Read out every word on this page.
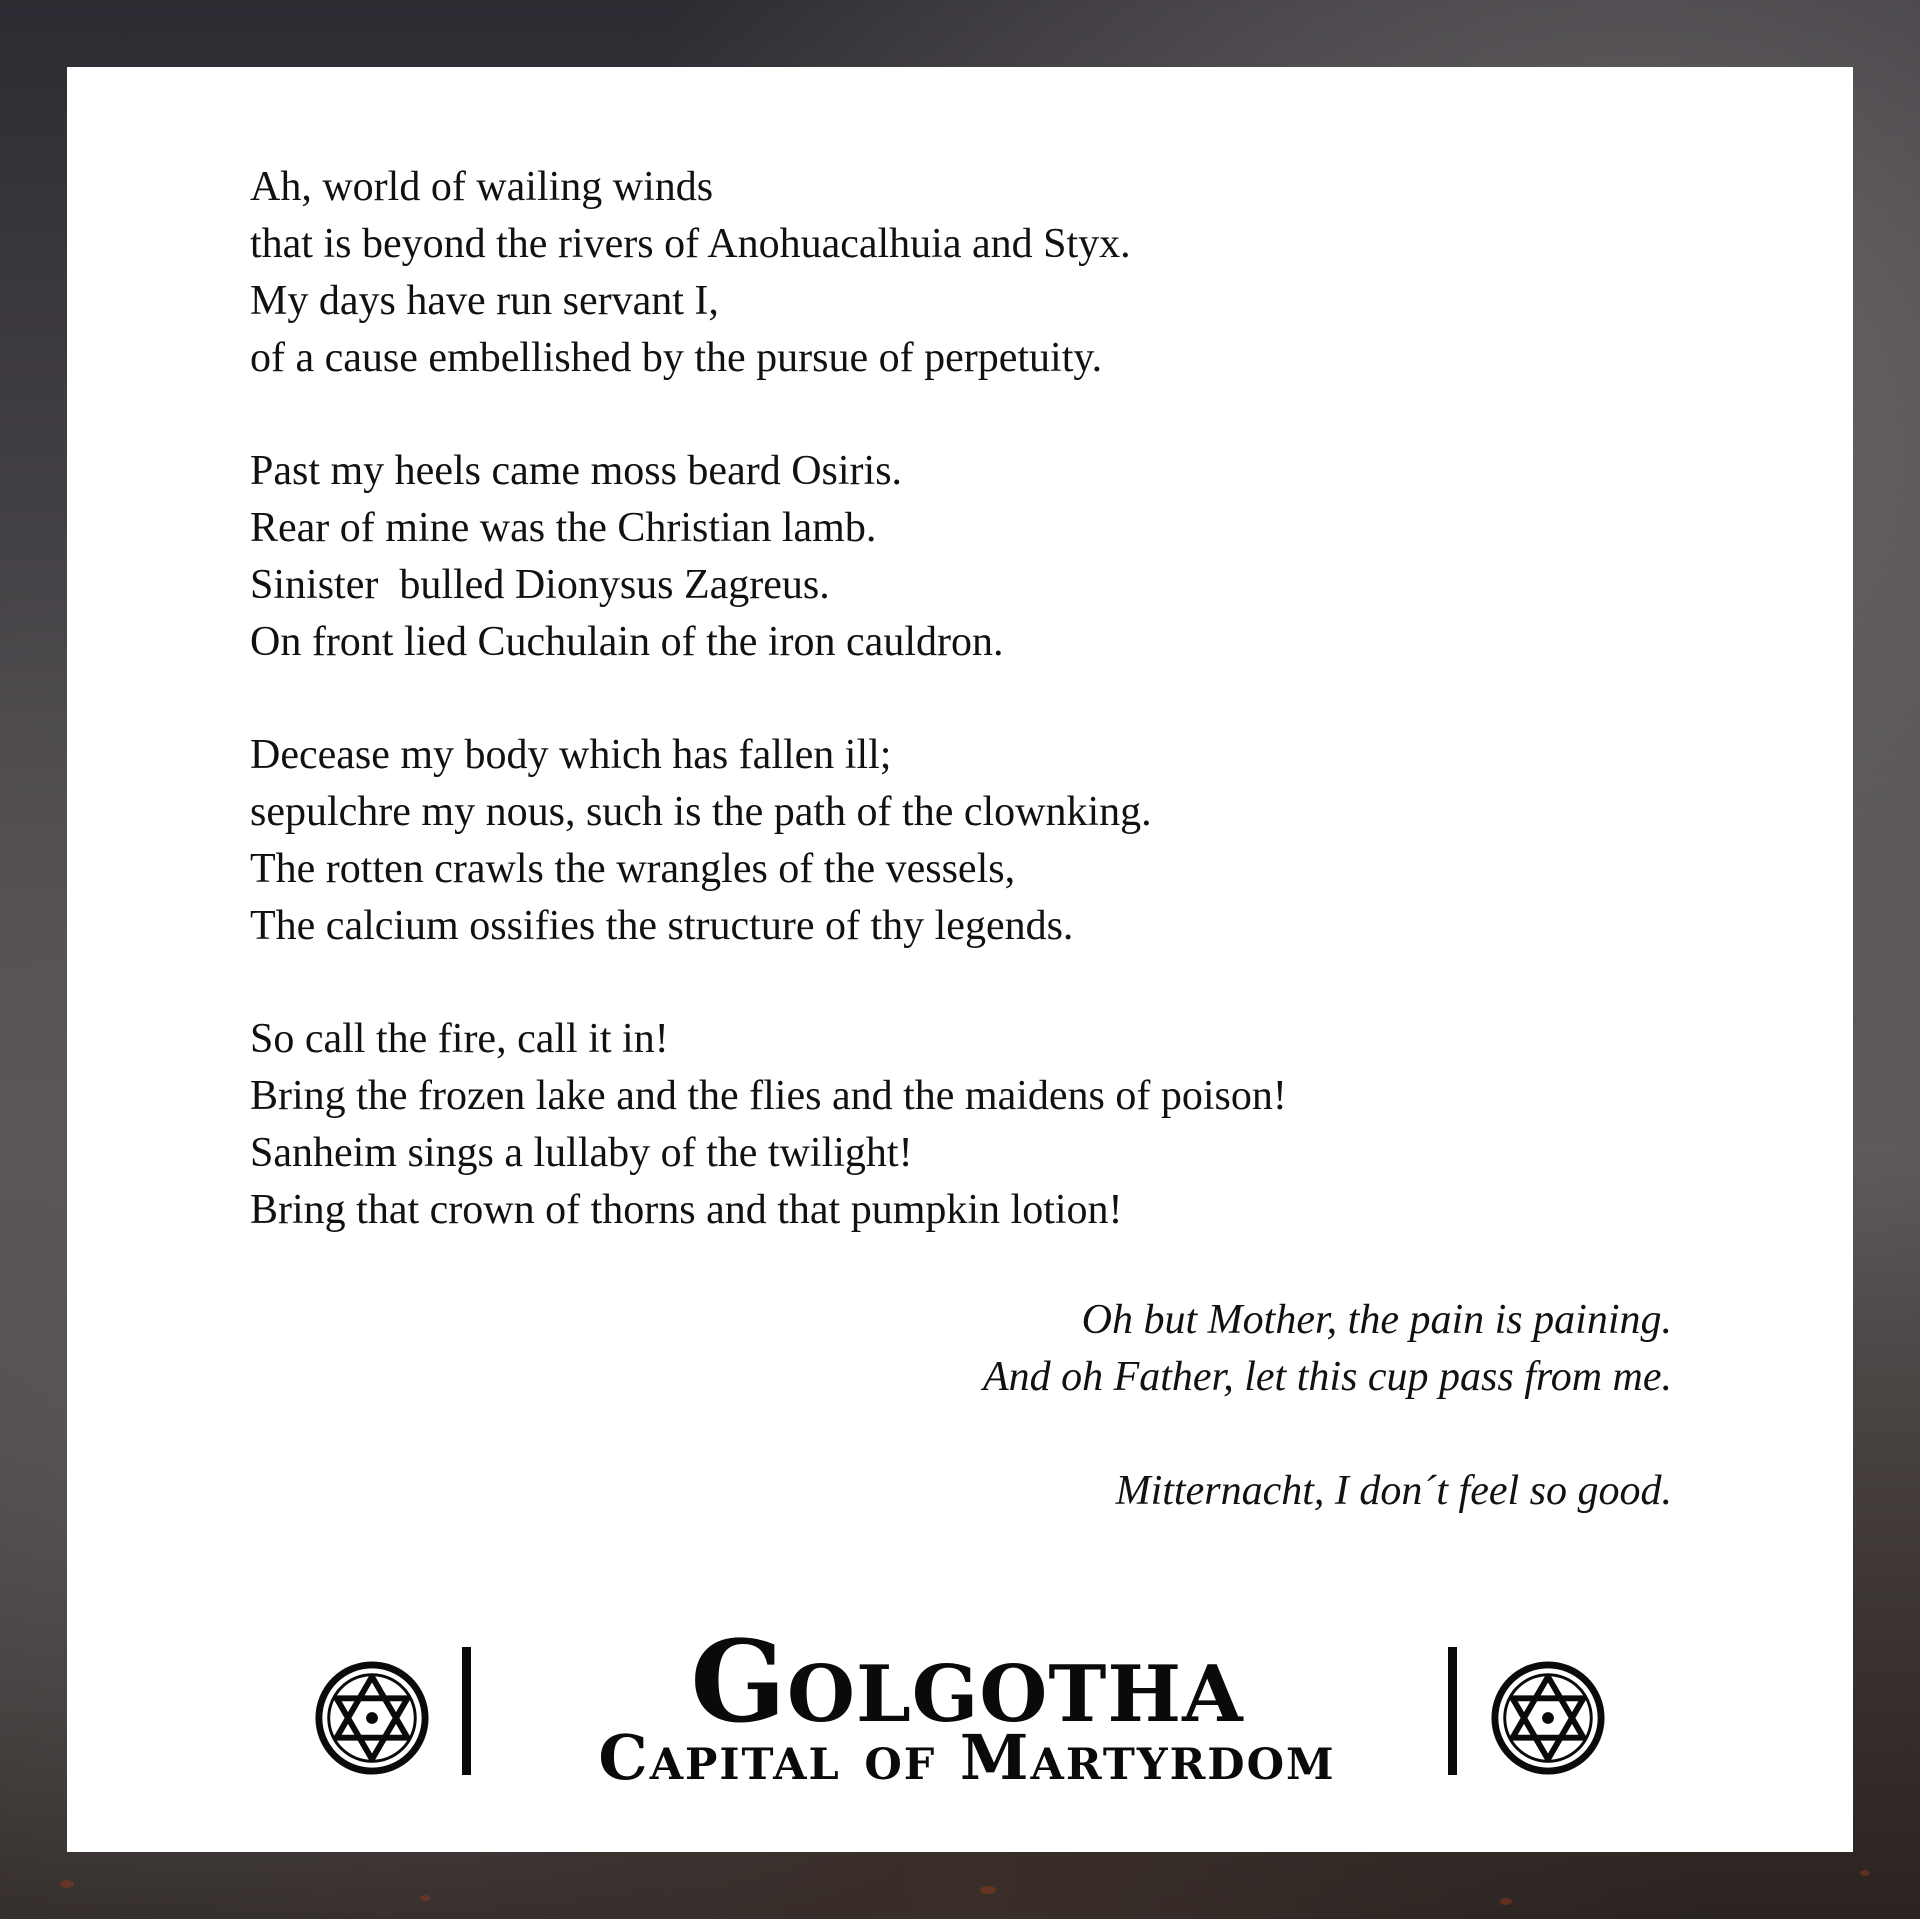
Ah, world of wailing winds
that is beyond the rivers of Anohuacalhuia and Styx.
My days have run servant I,
of a cause embellished by the pursue of perpetuity.
Past my heels came moss beard Osiris.
Rear of mine was the Christian lamb.
Sinister  bulled Dionysus Zagreus.
On front lied Cuchulain of the iron cauldron.
Decease my body which has fallen ill;
sepulchre my nous, such is the path of the clownking.
The rotten crawls the wrangles of the vessels,
The calcium ossifies the structure of thy legends.
So call the fire, call it in!
Bring the frozen lake and the flies and the maidens of poison!
Sanheim sings a lullaby of the twilight!
Bring that crown of thorns and that pumpkin lotion!
Oh but Mother, the pain is paining.
And oh Father, let this cup pass from me.
Mitternacht, I don´t feel so good.
Golgotha
Capital of Martyrdom
